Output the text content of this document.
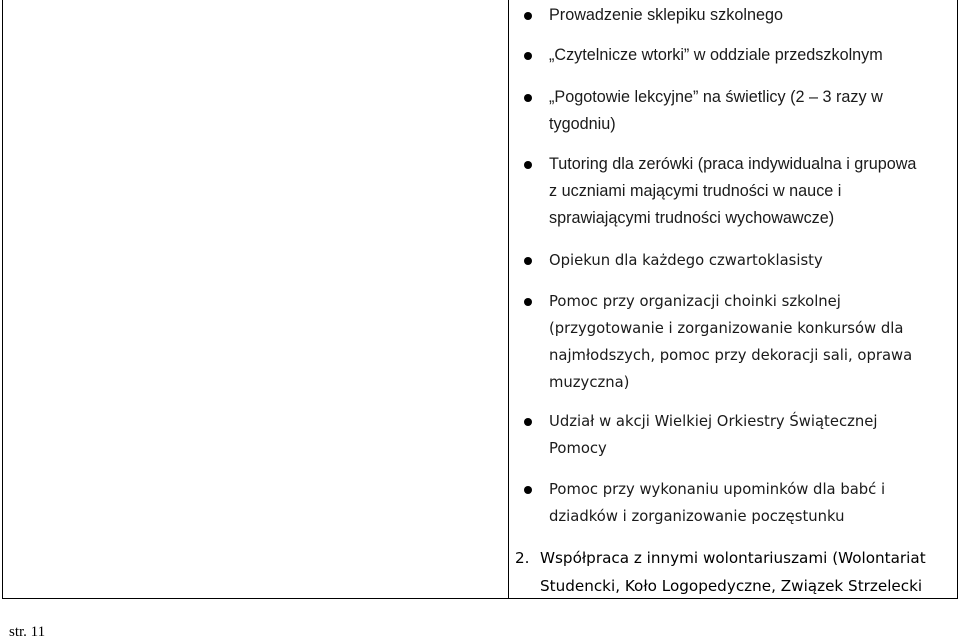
Prowadzenie sklepiku szkolnego
„Czytelnicze wtorki” w oddziale przedszkolnym
„Pogotowie lekcyjne” na świetlicy (2 – 3 razy w
tygodniu)
Tutoring dla zerówki (praca indywidualna i grupowa
z uczniami mającymi trudności w nauce i
sprawiającymi trudności wychowawcze)
Opiekun dla każdego czwartoklasisty
Pomoc przy organizacji choinki szkolnej
(przygotowanie i zorganizowanie konkursów dla
najmłodszych, pomoc przy dekoracji sali, oprawa
muzyczna)
Udział w akcji Wielkiej Orkiestry Świątecznej
Pomocy
Pomoc przy wykonaniu upominków dla babć i
dziadków i zorganizowanie poczęstunku
2. Współpraca z innymi wolontariuszami (Wolontariat
Studencki, Koło Logopedyczne, Związek Strzelecki
str. 11
